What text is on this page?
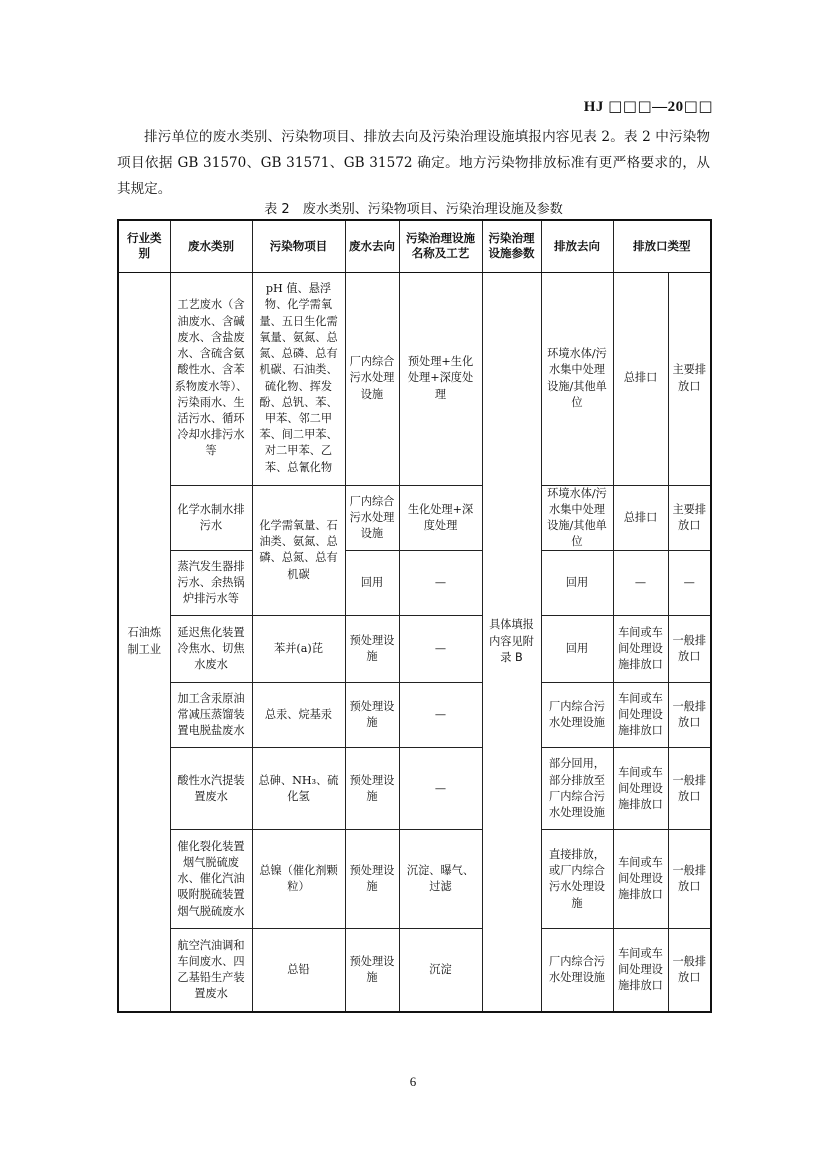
HJ □□□—20□□
排污单位的废水类别、污染物项目、排放去向及污染治理设施填报内容见表 2。表 2 中污染物项目依据 GB 31570、GB 31571、GB 31572 确定。地方污染物排放标准有更严格要求的，从其规定。
表 2　废水类别、污染物项目、污染治理设施及参数
行业类别	废水类别	污染物项目	废水去向	污染治理设施名称及工艺	污染治理设施参数	排放去向	排放口类型	
石油炼制工业	工艺废水（含油废水、含碱废水、含盐废水、含硫含氨酸性水、含苯系物废水等）、污染雨水、生活污水、循环冷却水排污水等	pH 值、悬浮物、化学需氧量、五日生化需氧量、氨氮、总氮、总磷、总有机碳、石油类、硫化物、挥发酚、总钒、苯、甲苯、邻二甲苯、间二甲苯、对二甲苯、乙苯、总氰化物	厂内综合污水处理设施	预处理+生化处理+深度处理	具体填报内容见附录 B	环境水体/污水集中处理设施/其他单位	总排口	主要排放口
	化学水制水排污水	化学需氧量、石油类、氨氮、总磷、总氮、总有机碳	厂内综合污水处理设施	生化处理+深度处理		环境水体/污水集中处理设施/其他单位	总排口	主要排放口
	蒸汽发生器排污水、余热锅炉排污水等		回用	—		回用	—	—
	延迟焦化装置冷焦水、切焦水废水	苯并(a)芘	预处理设施	—		回用	车间或车间处理设施排放口	一般排放口
	加工含汞原油常减压蒸馏装置电脱盐废水	总汞、烷基汞	预处理设施	—		厂内综合污水处理设施	车间或车间处理设施排放口	一般排放口
	酸性水汽提装置废水	总砷、NH₃、硫化氢	预处理设施	—		部分回用，部分排放至厂内综合污水处理设施	车间或车间处理设施排放口	一般排放口
	催化裂化装置烟气脱硫废水、催化汽油吸附脱硫装置烟气脱硫废水	总镍（催化剂颗粒）	预处理设施	沉淀、曝气、过滤		直接排放，或厂内综合污水处理设施	车间或车间处理设施排放口	一般排放口
	航空汽油调和车间废水、四乙基铅生产装置废水	总铅	预处理设施	沉淀		厂内综合污水处理设施	车间或车间处理设施排放口	一般排放口
6
